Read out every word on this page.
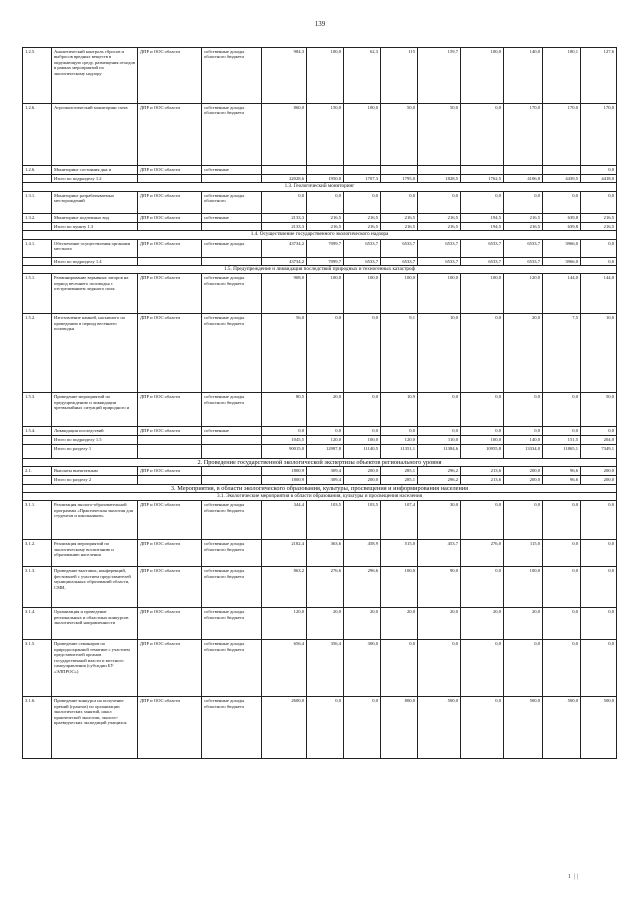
139
1.2.5.	Аналитический контроль сбросов и выбросов вредных веществ в окружающую среду, размещения отходов в рамках мероприятий по экологическому надзору	ДПР и ООС области	собственные доходы областного бюджета	984,3	100,0	62,3	115	159,7	100,0	140,0	180,1	127,6
1.2.6.	Агроэкологический мониторинг почв	ДПР и ООС области	собственные доходы областного бюджета	860,0	150,0	100,0	50,0	50,0	0,0	170,0	170,0	170,0
1.2.6.	Мониторинг состояния дна и	ДПР и ООС области	собственные									0,0
	Итого по подразделу 1.2			22028,6	1950,0	1707,3	1795,0	1828,5	1762,5	4106,8	4439,5	4418,0
1.3. Геологический мониторинг												
1.3.1.	Мониторинг разрабатываемых месторождений	ДПР и ООС области	собственные доходы областного	0,0	0,0	0,0	0,0	0,0	0,0	0,0	0,0	0,0
1.3.2.	Мониторинг подземных вод	ДПР и ООС области	собственные	2133,3	216,5	216,5	216,5	216,5	194,5	216,5	639,8	216,5
	Итого по пункту 1.3			2133,3	216,5	216,5	216,5	216,5	194,5	216,5	639,8	216,5
1.4. Осуществление государственного экологического надзора												
1.4.1.	Обеспечение осуществления органами местного	ДПР и ООС области	собственные доходы	43734,2	7099,7	6533,7	6533,7	6533,7	6533,7	6533,7	3966,0	0,0
	Итого по подразделу 1.4			43734,2	7099,7	6533,7	6533,7	6533,7	6533,7	6533,7	3966,0	0,0
1.5. Предупреждение и ликвидация последствий природных и техногенных катастроф												
1.5.1.	Разминирование взрывных заторов на период весеннего половодья с отстреливанием ледяного поля	ДПР и ООС области	собственные доходы областного бюджета	908,0	100,0	100,0	100,0	100,0	100,0	120,0	144,0	144,0
1.5.2.	Изготовление камней, насыпного по проведению в период весеннего половодья	ДПР и ООС области	собственные доходы областного бюджета	56,0	0,0	0,0	9,1	10,0	0,0	20,0	7,5	10,0
1.5.3.	Проведение мероприятий по предупреждению и ликвидации чрезвычайных ситуаций природного и	ДПР и ООС области	собственные доходы областного бюджета	80,5	20,0	0,0	10,9	0,0	0,0	0,0	0,0	50,0
1.5.4.	Ликвидация последствий	ДПР и ООС области	собственные	0,0	0,0	0,0	0,0	0,0	0,0	0,0	0,0	0,0
	Итого по подразделу 1.5			1045,5	120,0	100,0	120,0	110,0	100,0	140,0	151,5	204,0
	Итого по разделу 1			90015,0	12987,8	11140,5	11351,1	11384,6	10955,8	13334,0	11865,1	7349,1
2. Проведение государственной экологической экспертизы объектов регионального уровня												
2.1.	Выплаты внештатным	ДПР и ООС области		1800,9	309,4	200,0	285,1	296,2	213,6	200,0	96,6	200,0
	Итого по разделу 2			1800,9	309,4	200,0	285,1	296,2	213,6	200,0	96,6	200,0
3. Мероприятия, в области экологического образования, культуры, просвещения и информирования населения												
3.1. Экологические мероприятия в области образования, культуры и просвещения населения												
3.1.1.	Реализация эколого-образовательной программы «Практическая экология для студентов и школьников»	ДПР и ООС области	собственные доходы областного бюджета	344,4	103,5	103,5	107,4	30,0	0,0	0,0	0,0	0,0
3.1.2.	Реализация мероприятий по экологическому воспитанию и образованию населения	ДПР и ООС области	собственные доходы областного бюджета	2182,4	363,6	458,9	515,0	453,7	276,0	115,0	0,0	0,0
3.1.3.	Проведение выставок, конференций, фестивалей с участием представителей муниципальных образований области, СМИ,	ДПР и ООС области	собственные доходы областного бюджета	863,2	276,6	296,6	100,0	90,0	0,0	100,0	0,0	0,0
3.1.4.	Организация и проведение региональных и областных конкурсов экологической направленности	ДПР и ООС области	собственные доходы областного бюджета	120,0	20,0	20,0	20,0	20,0	20,0	20,0	0,0	0,0
3.1.5.	Проведение семинаров по природоохранной тематике с участием представителей органов государственной власти и местного самоуправления (субсидии БУ «ЭЛПРОС»)	ДПР и ООС области	собственные доходы областного бюджета	656,4	356,4	300,0	0,0	0,0	0,0	0,0	0,0	0,0
3.1.6.	Проведение конкурса на получение премий (грантов) по организации экологических занятий, школ практической экологии, эколого-краеведческих экспедиций учащихся	ДПР и ООС области	собственные доходы областного бюджета	2600,0	0,0	0,0	800,0	500,0	0,0	500,0	500,0	500,0
1 | |
